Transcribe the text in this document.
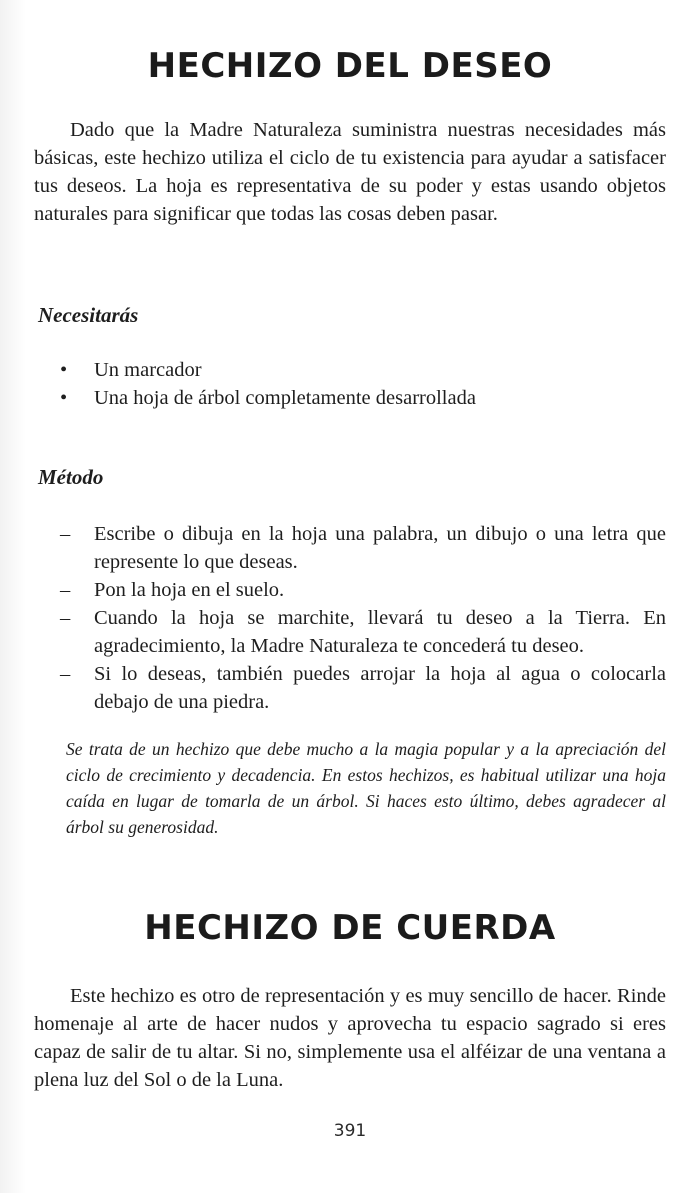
HECHIZO DEL DESEO

Dado que la Madre Naturaleza suministra nuestras necesidades más básicas, este hechizo utiliza el ciclo de tu existencia para ayudar a satisfacer tus deseos. La hoja es representativa de su poder y estas usando objetos naturales para significar que todas las cosas deben pasar.

Necesitarás
• Un marcador
• Una hoja de árbol completamente desarrollada
Método
– Escribe o dibuja en la hoja una palabra, un dibujo o una letra que represente lo que deseas.
– Pon la hoja en el suelo.
– Cuando la hoja se marchite, llevará tu deseo a la Tierra. En agradecimiento, la Madre Naturaleza te concederá tu deseo.
– Si lo deseas, también puedes arrojar la hoja al agua o colocarla debajo de una piedra.

Se trata de un hechizo que debe mucho a la magia popular y a la apreciación del ciclo de crecimiento y decadencia. En estos hechizos, es habitual utilizar una hoja caída en lugar de tomarla de un árbol. Si haces esto último, debes agradecer al árbol su generosidad.

HECHIZO DE CUERDA

Este hechizo es otro de representación y es muy sencillo de hacer. Rinde homenaje al arte de hacer nudos y aprovecha tu espacio sagrado si eres capaz de salir de tu altar. Si no, simplemente usa el alféizar de una ventana a plena luz del Sol o de la Luna.

391
